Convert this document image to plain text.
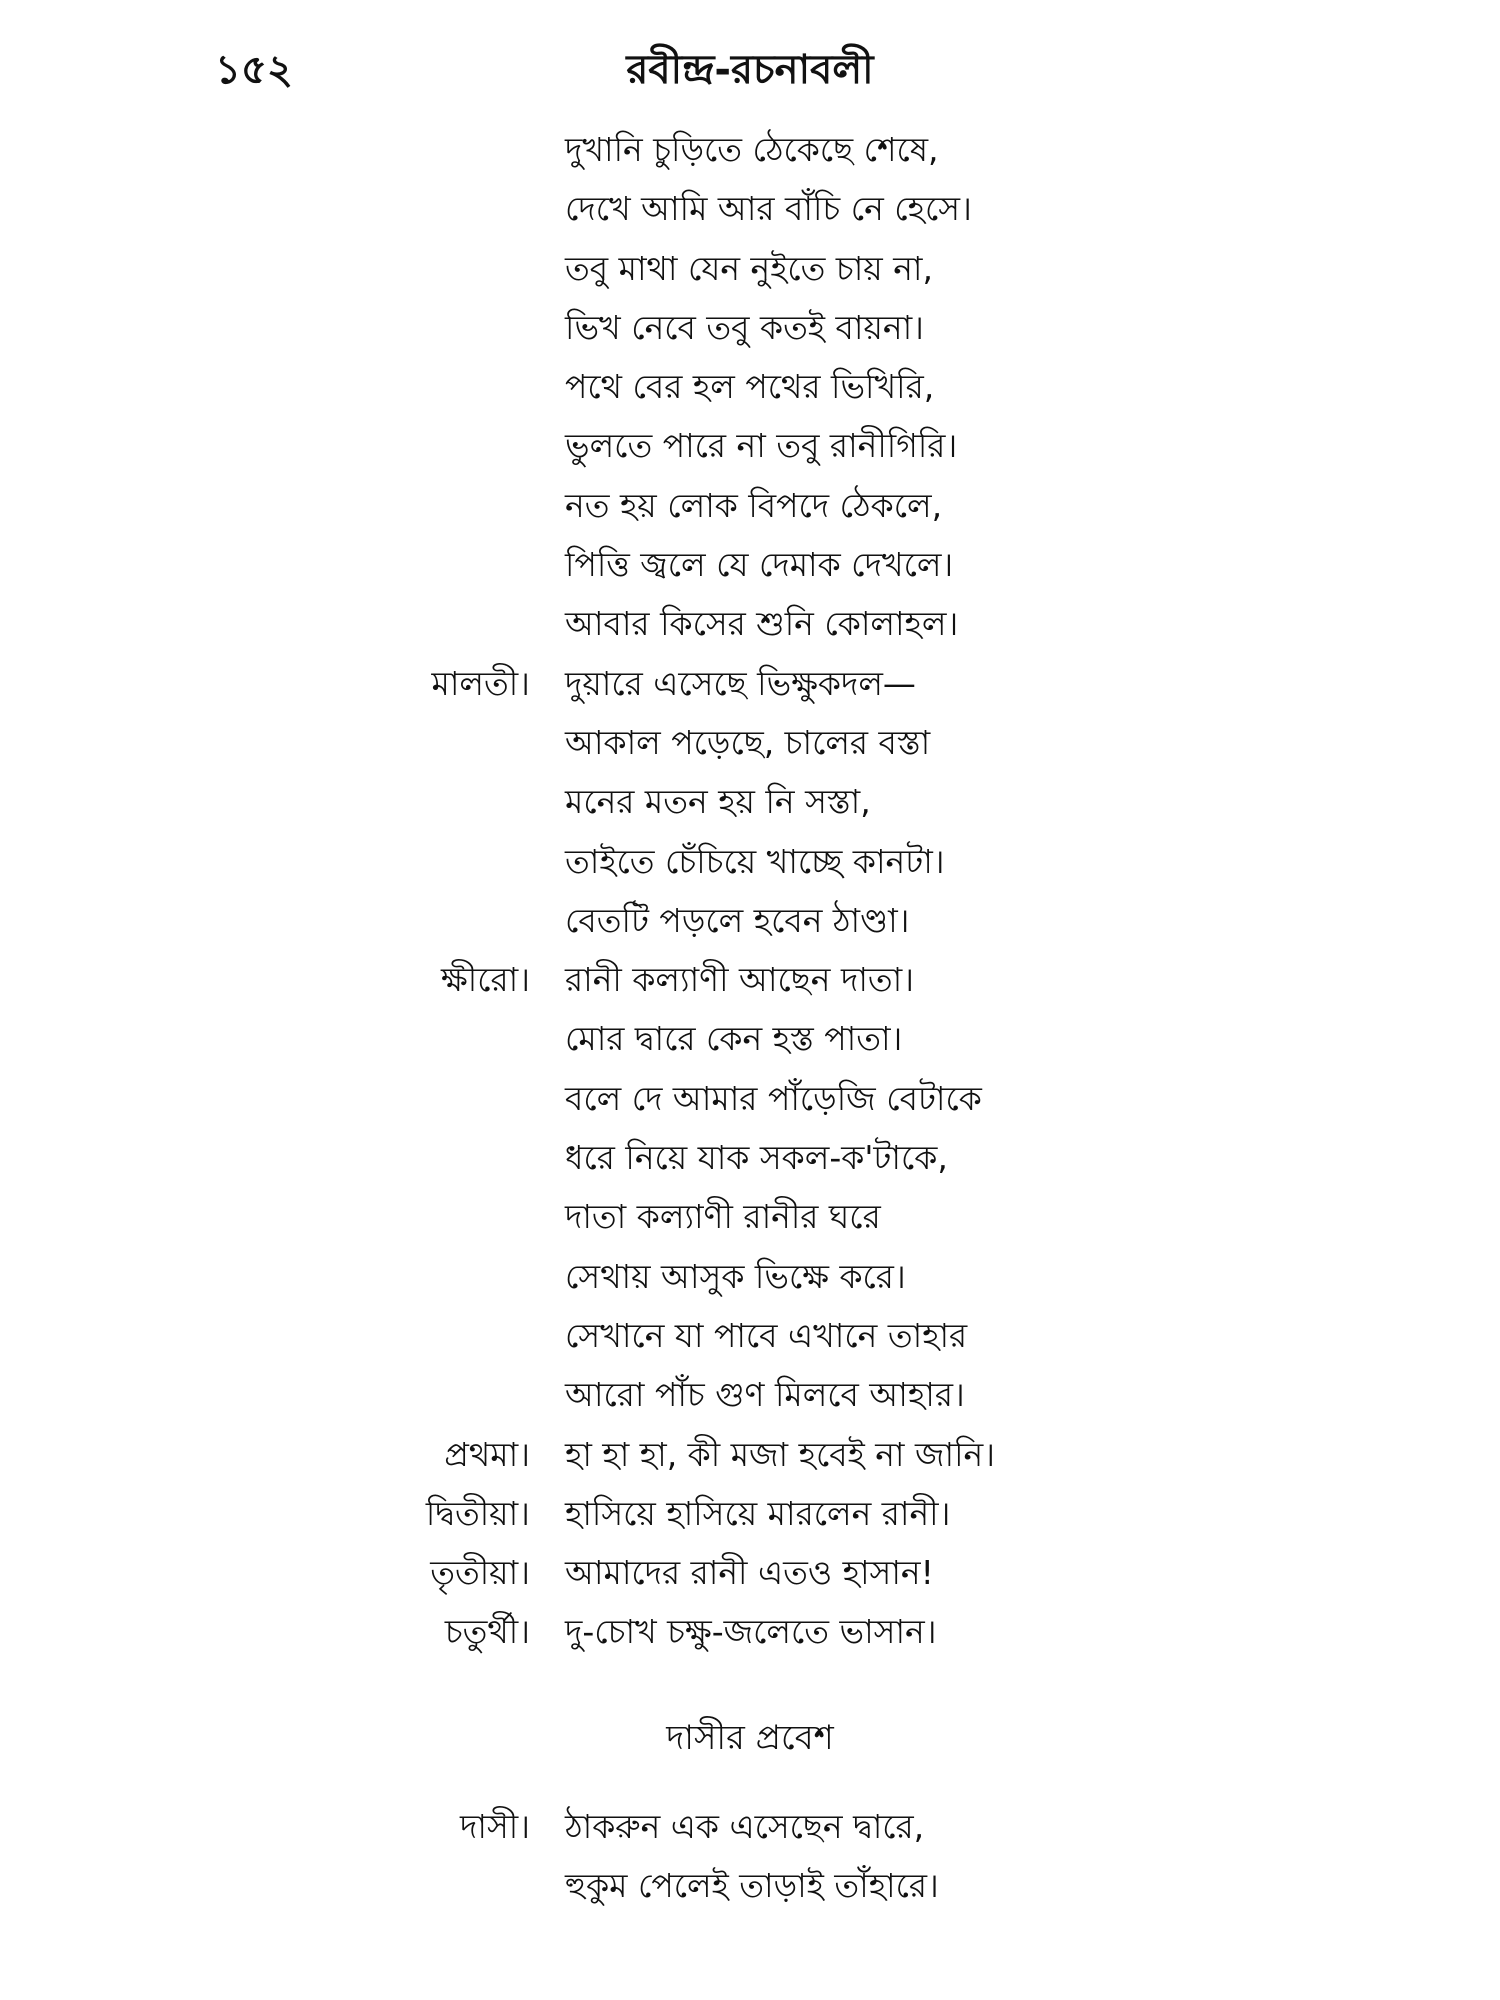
১৫২	রবীন্দ্র-রচনাবলী
দুখানি চুড়িতে ঠেকেছে শেষে,
দেখে আমি আর বাঁচি নে হেসে।
তবু মাথা যেন নুইতে চায় না,
ভিখ নেবে তবু কতই বায়না।
পথে বের হল পথের ভিখিরি,
ভুলতে পারে না তবু রানীগিরি।
নত হয় লোক বিপদে ঠেকলে,
পিত্তি জ্বলে যে দেমাক দেখলে।
আবার কিসের শুনি কোলাহল।
মালতী। দুয়ারে এসেছে ভিক্ষুকদল—
আকাল পড়েছে, চালের বস্তা
মনের মতন হয় নি সস্তা,
তাইতে চেঁচিয়ে খাচ্ছে কানটা।
বেতটি পড়লে হবেন ঠাণ্ডা।
ক্ষীরো। রানী কল্যাণী আছেন দাতা।
মোর দ্বারে কেন হস্ত পাতা।
বলে দে আমার পাঁড়েজি বেটাকে
ধরে নিয়ে যাক সকল-ক'টাকে,
দাতা কল্যাণী রানীর ঘরে
সেথায় আসুক ভিক্ষে করে।
সেখানে যা পাবে এখানে তাহার
আরো পাঁচ গুণ মিলবে আহার।
প্রথমা। হা হা হা, কী মজা হবেই না জানি।
দ্বিতীয়া। হাসিয়ে হাসিয়ে মারলেন রানী।
তৃতীয়া। আমাদের রানী এতও হাসান!
চতুর্থী। দু-চোখ চক্ষু-জলেতে ভাসান।
দাসীর প্রবেশ
দাসী। ঠাকরুন এক এসেছেন দ্বারে,
হুকুম পেলেই তাড়াই তাঁহারে।
